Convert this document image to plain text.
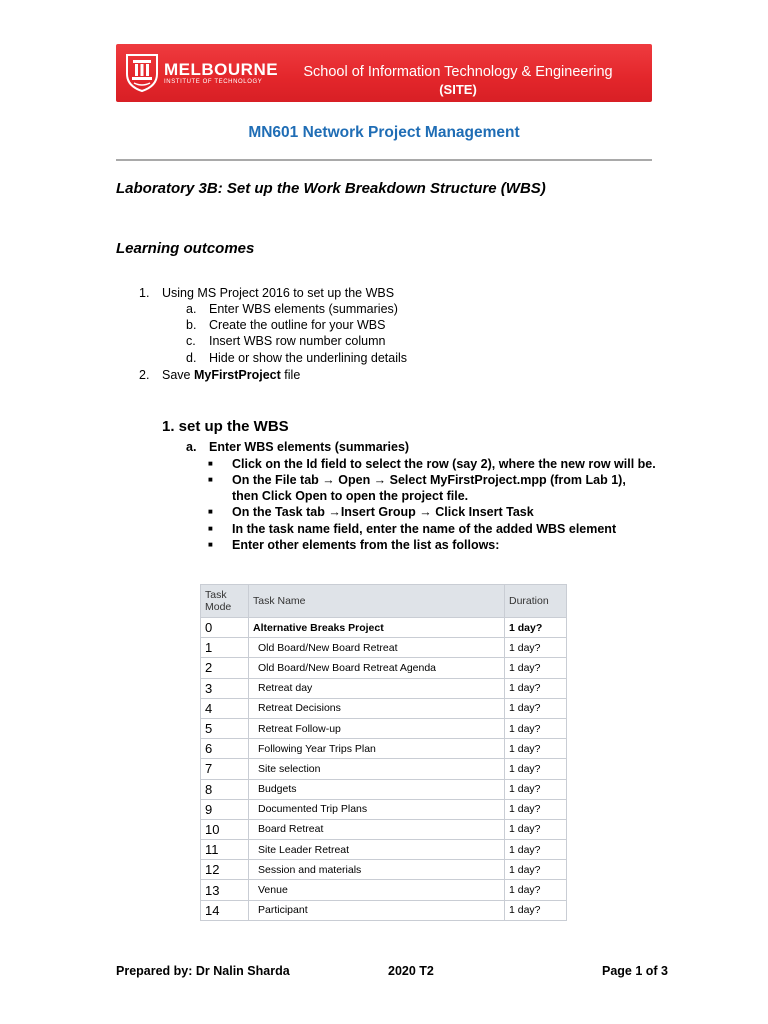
MELBOURNE
INSTITUTE OF TECHNOLOGY
School of Information Technology & Engineering
(SITE)
MN601 Network Project Management
Laboratory 3B: Set up the Work Breakdown Structure (WBS)
Learning outcomes
1. Using MS Project 2016 to set up the WBS
a. Enter WBS elements (summaries)
b. Create the outline for your WBS
c. Insert WBS row number column
d. Hide or show the underlining details
2. Save MyFirstProject file
1. set up the WBS
a. Enter WBS elements (summaries)
■ Click on the Id field to select the row (say 2), where the new row will be.
■ On the File tab → Open → Select MyFirstProject.mpp (from Lab 1),
then Click Open to open the project file.
■ On the Task tab →Insert Group → Click Insert Task
■ In the task name field, enter the name of the added WBS element
■ Enter other elements from the list as follows:
Task Mode	Task Name	Duration
0	Alternative Breaks Project	1 day?
1	Old Board/New Board Retreat	1 day?
2	Old Board/New Board Retreat Agenda	1 day?
3	Retreat day	1 day?
4	Retreat Decisions	1 day?
5	Retreat Follow-up	1 day?
6	Following Year Trips Plan	1 day?
7	Site selection	1 day?
8	Budgets	1 day?
9	Documented Trip Plans	1 day?
10	Board Retreat	1 day?
11	Site Leader Retreat	1 day?
12	Session and materials	1 day?
13	Venue	1 day?
14	Participant	1 day?
Prepared by: Dr Nalin Sharda	2020 T2	Page 1 of 3
